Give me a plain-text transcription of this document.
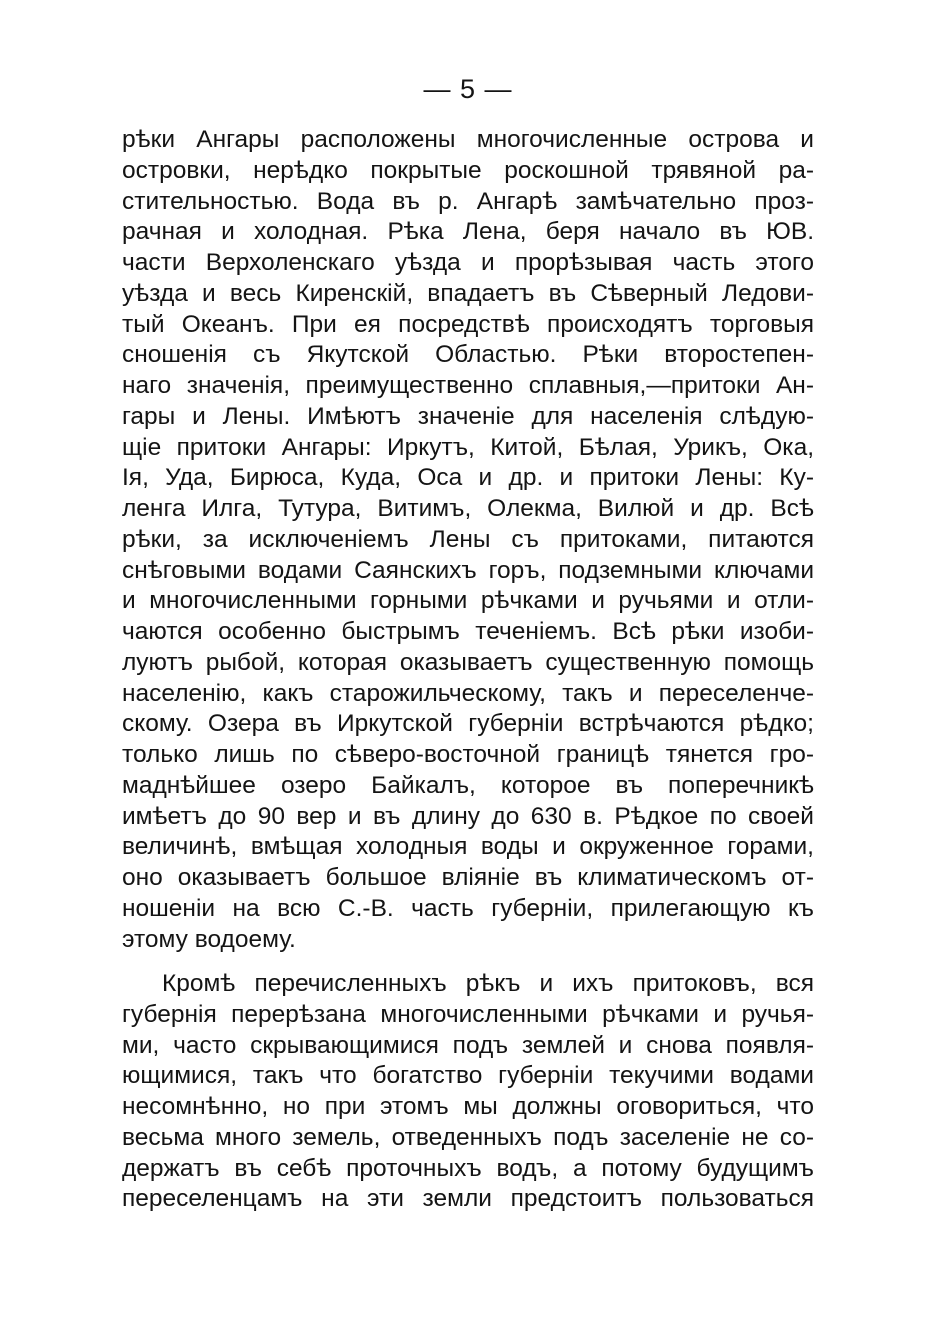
— 5 —
рѣки Ангары расположены многочисленные острова и
островки, нерѣдко покрытые роскошной трявяной ра-
стительностью. Вода въ р. Ангарѣ замѣчательно проз-
рачная и холодная. Рѣка Лена, беря начало въ ЮВ.
части Верхоленскаго уѣзда и прорѣзывая часть этого
уѣзда и весь Киренскій, впадаетъ въ Сѣверный Ледови-
тый Океанъ. При ея посредствѣ происходятъ торговыя
сношенія съ Якутской Областью. Рѣки второстепен-
наго значенія, преимущественно сплавныя,—притоки Ан-
гары и Лены. Имѣютъ значеніе для населенія слѣдую-
щіе притоки Ангары: Иркутъ, Китой, Бѣлая, Урикъ, Ока,
Ія, Уда, Бирюса, Куда, Оса и др. и притоки Лены: Ку-
ленга Илга, Тутура, Витимъ, Олекма, Вилюй и др. Всѣ
рѣки, за исключеніемъ Лены съ притоками, питаются
снѣговыми водами Саянскихъ горъ, подземными ключами
и многочисленными горными рѣчками и ручьями и отли-
чаются особенно быстрымъ теченіемъ. Всѣ рѣки изоби-
луютъ рыбой, которая оказываетъ существенную помощь
населенію, какъ старожильческому, такъ и переселенче-
скому. Озера въ Иркутской губерніи встрѣчаются рѣдко;
только лишь по сѣверо-восточной границѣ тянется гро-
маднѣйшее озеро Байкалъ, которое въ поперечникѣ
имѣетъ до 90 вер и въ длину до 630 в. Рѣдкое по своей
величинѣ, вмѣщая холодныя воды и окруженное горами,
оно оказываетъ большое вліяніе въ климатическомъ от-
ношеніи на всю С.-В. часть губерніи, прилегающую къ
этому водоему.
Кромѣ перечисленныхъ рѣкъ и ихъ притоковъ, вся
губернія перерѣзана многочисленными рѣчками и ручья-
ми, часто скрывающимися подъ землей и снова появля-
ющимися, такъ что богатство губерніи текучими водами
несомнѣнно, но при этомъ мы должны оговориться, что
весьма много земель, отведенныхъ подъ заселеніе не со-
держатъ въ себѣ проточныхъ водъ, а потому будущимъ
переселенцамъ на эти земли предстоитъ пользоваться
